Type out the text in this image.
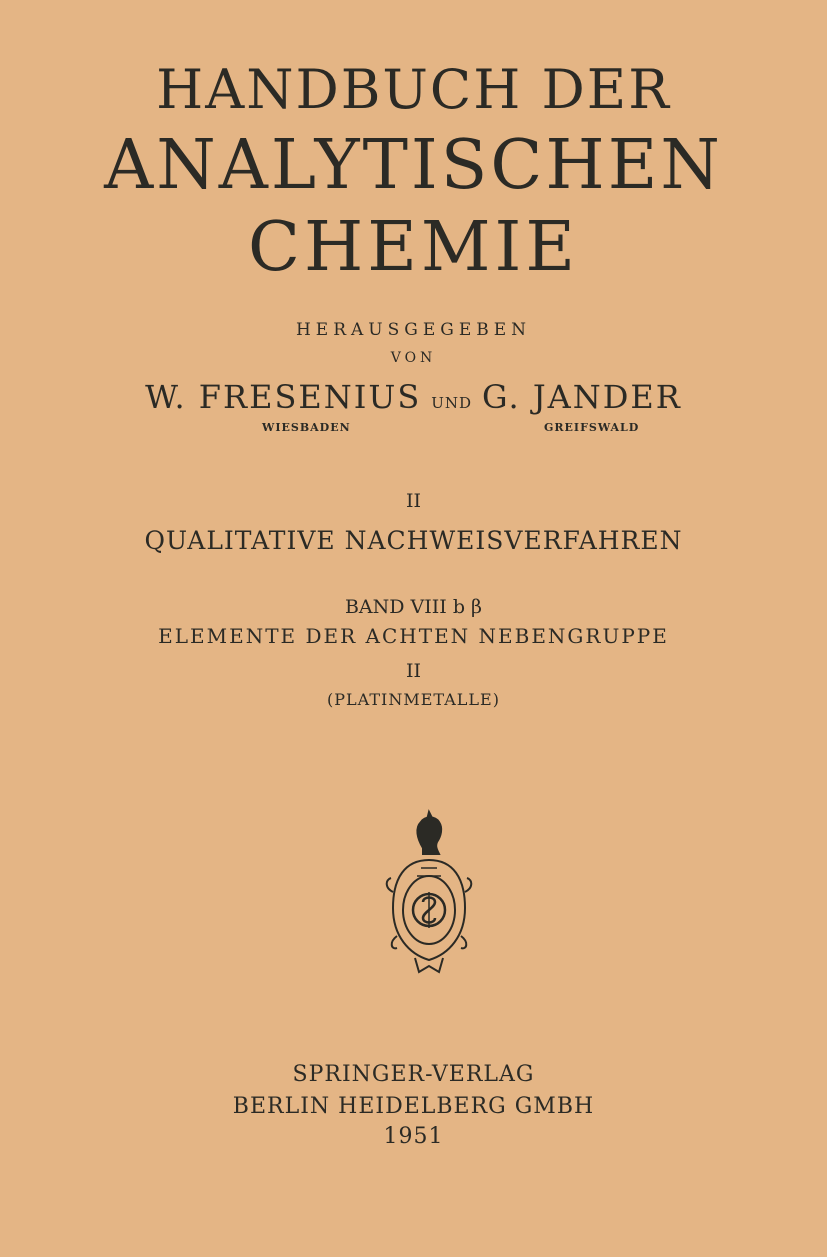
HANDBUCH DER
ANALYTISCHEN
CHEMIE
HERAUSGEGEBEN
VON
W. FRESENIUS UND G. JANDER
WIESBADEN	GREIFSWALD
II
QUALITATIVE NACHWEISVERFAHREN
BAND VIII b β
ELEMENTE DER ACHTEN NEBENGRUPPE
II
(PLATINMETALLE)
SPRINGER-VERLAG
BERLIN HEIDELBERG GMBH
1951
